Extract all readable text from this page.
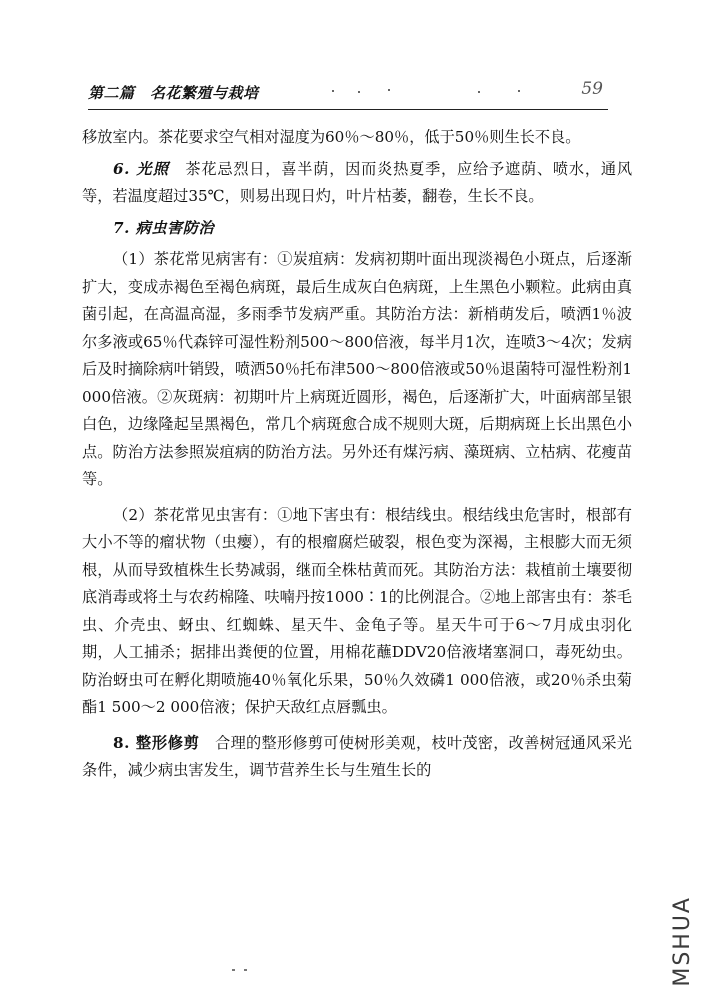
第二篇　名花繁殖与栽培	59

移放室内。茶花要求空气相对湿度为60％～80％，低于50％则生长不良。

6. 光照　茶花忌烈日，喜半荫，因而炎热夏季，应给予遮荫、喷水，通风等，若温度超过35℃，则易出现日灼，叶片枯萎，翻卷，生长不良。

7. 病虫害防治

（1）茶花常见病害有：①炭疽病：发病初期叶面出现淡褐色小斑点，后逐渐扩大，变成赤褐色至褐色病斑，最后生成灰白色病斑，上生黑色小颗粒。此病由真菌引起，在高温高湿，多雨季节发病严重。其防治方法：新梢萌发后，喷洒1％波尔多液或65％代森锌可湿性粉剂500～800倍液，每半月1次，连喷3～4次；发病后及时摘除病叶销毁，喷洒50％托布津500～800倍液或50％退菌特可湿性粉剂1 000倍液。②灰斑病：初期叶片上病斑近圆形，褐色，后逐渐扩大，叶面病部呈银白色，边缘隆起呈黑褐色，常几个病斑愈合成不规则大斑，后期病斑上长出黑色小点。防治方法参照炭疽病的防治方法。另外还有煤污病、藻斑病、立枯病、花瘦苗等。

（2）茶花常见虫害有：①地下害虫有：根结线虫。根结线虫危害时，根部有大小不等的瘤状物（虫瘿），有的根瘤腐烂破裂，根色变为深褐，主根膨大而无须根，从而导致植株生长势减弱，继而全株枯黄而死。其防治方法：栽植前土壤要彻底消毒或将土与农药棉隆、呋喃丹按1000∶1的比例混合。②地上部害虫有：茶毛虫、介壳虫、蚜虫、红蜘蛛、星天牛、金龟子等。星天牛可于6～7月成虫羽化期，人工捕杀；据排出粪便的位置，用棉花蘸DDV20倍液堵塞洞口，毒死幼虫。防治蚜虫可在孵化期喷施40％氧化乐果，50％久效磷1 000倍液，或20％杀虫菊酯1 500～2 000倍液；保护天敌红点唇瓢虫。

8. 整形修剪　合理的整形修剪可使树形美观，枝叶茂密，改善树冠通风采光条件，减少病虫害发生，调节营养生长与生殖生长的

MSHUA
